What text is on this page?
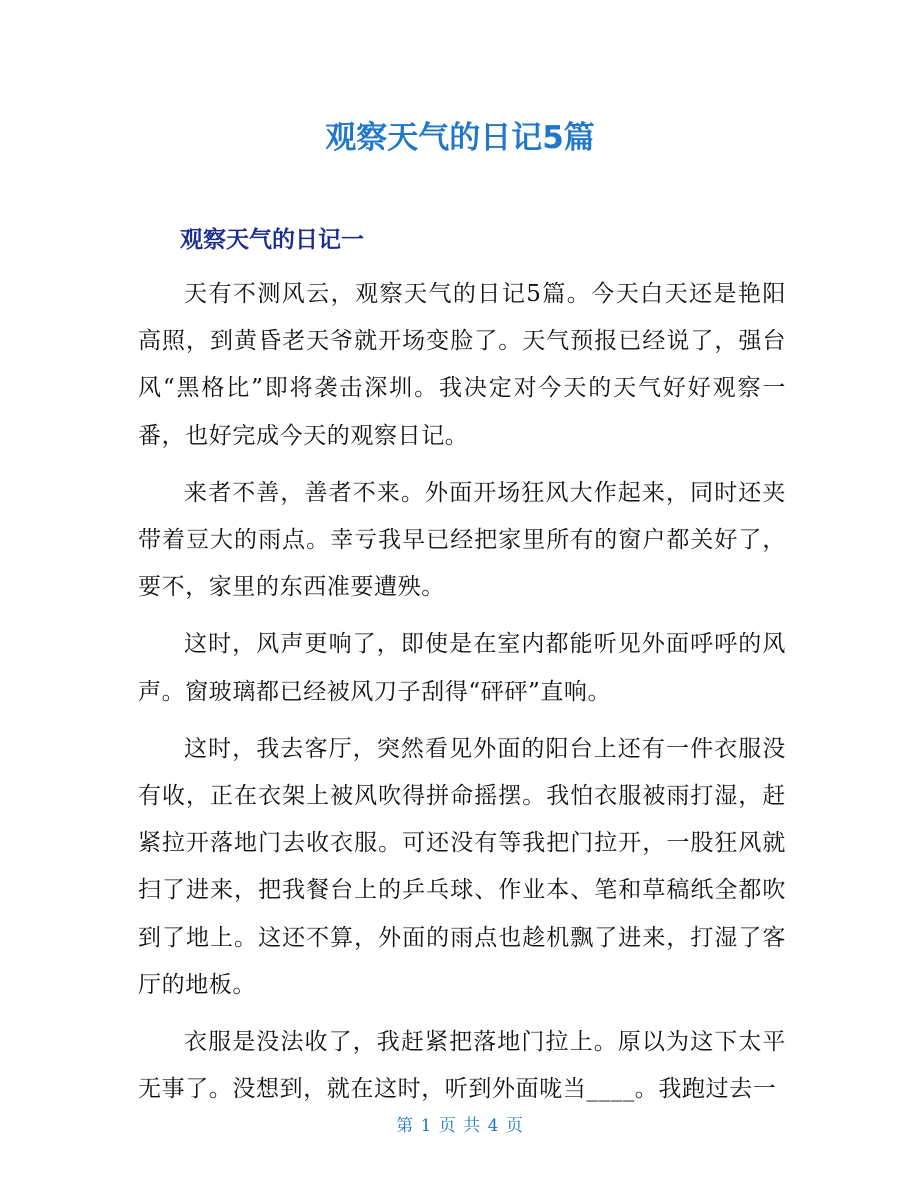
观察天气的日记5篇
观察天气的日记一

天有不测风云，观察天气的日记5篇。今天白天还是艳阳高照，到黄昏老天爷就开场变脸了。天气预报已经说了，强台风“黑格比”即将袭击深圳。我决定对今天的天气好好观察一番，也好完成今天的观察日记。

来者不善，善者不来。外面开场狂风大作起来，同时还夹带着豆大的雨点。幸亏我早已经把家里所有的窗户都关好了，要不，家里的东西准要遭殃。

这时，风声更响了，即使是在室内都能听见外面呼呼的风声。窗玻璃都已经被风刀子刮得“砰砰”直响。

这时，我去客厅，突然看见外面的阳台上还有一件衣服没有收，正在衣架上被风吹得拼命摇摆。我怕衣服被雨打湿，赶紧拉开落地门去收衣服。可还没有等我把门拉开，一股狂风就扫了进来，把我餐台上的乒乓球、作业本、笔和草稿纸全都吹到了地上。这还不算，外面的雨点也趁机飘了进来，打湿了客厅的地板。

衣服是没法收了，我赶紧把落地门拉上。原以为这下太平无事了。没想到，就在这时，听到外面咙当____。我跑过去一

第 1 页 共 4 页
